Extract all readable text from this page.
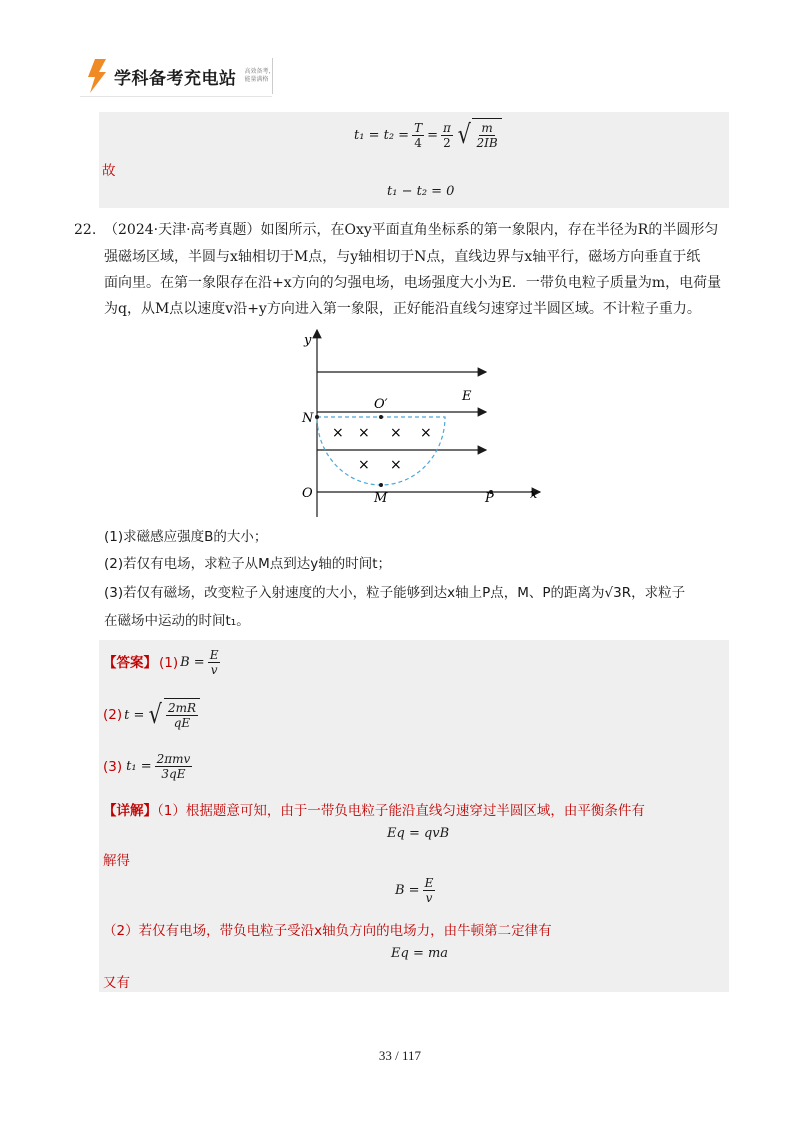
学科备考充电站 高效备考,
能量满格
$t_1 = t_2 = \frac{T}{4} = \frac{\pi}{2}$ √ $\frac{m}{2IB}$
故
t₁ − t₂ = 0
22. （2024·天津·高考真题）如图所示，在Oxy平面直角坐标系的第一象限内，存在半径为R的半圆形匀
强磁场区域，半圆与x轴相切于M点，与y轴相切于N点，直线边界与x轴平行，磁场方向垂直于纸
面向里。在第一象限存在沿+x方向的匀强电场，电场强度大小为E．一带负电粒子质量为m，电荷量
为q，从M点以速度v沿+y方向进入第一象限，正好能沿直线匀速穿过半圆区域。不计粒子重力。
× × × ×
× ×
y
x
O
N
O′
M	P
E
(1)求磁感应强度B的大小；
(2)若仅有电场，求粒子从M点到达y轴的时间t；
(3)若仅有磁场，改变粒子入射速度的大小，粒子能够到达x轴上P点，M、P的距离为√3R，求粒子
在磁场中运动的时间t₁。
【答案】 (1) $B = \frac{E}{v}$
(2) t = √ $\frac{2mR}{qE}$
(3) $t_1 = \frac{\text{2πmv}}{3qE}$
【详解】（1）根据题意可知，由于一带负电粒子能沿直线匀速穿过半圆区域，由平衡条件有
Eq = qvB
解得
$B = \frac{E}{v}$
（2）若仅有电场，带负电粒子受沿x轴负方向的电场力，由牛顿第二定律有
Eq = ma
又有
33 / 117
